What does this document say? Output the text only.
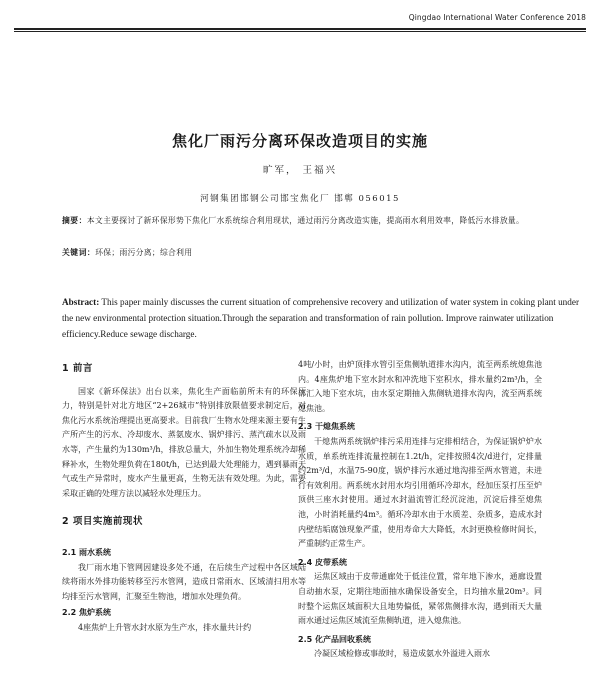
Qingdao International Water Conference 2018
焦化厂雨污分离环保改造项目的实施
旷军， 王福兴
河钢集团邯钢公司邯宝焦化厂 邯郸 056015
摘要：本文主要探讨了新环保形势下焦化厂水系统综合利用现状，通过雨污分离改造实施，提高雨水利用效率，降低污水排放量。
关键词：环保；雨污分离；综合利用
Abstract: This paper mainly discusses the current situation of comprehensive recovery and utilization of water system in coking plant under the new environmental protection situation.Through the separation and transformation of rain pollution. Improve rainwater utilization efficiency.Reduce sewage discharge.
1 前言

国家《新环保法》出台以来，焦化生产面临前所未有的环保压力，特别是针对北方地区“2+26城市”特别排放限值要求制定后，对焦化污水系统治理提出更高要求。目前我厂生物水处理来源主要有生产所产生的污水、冷却废水、蒸氨废水、锅炉排污、蒸汽疏水以及雨水等，产生量约为130m³/h，排放总量大，外加生物处理系统冷却稀释补水，生物处理负荷在180t/h，已达到最大处理能力，遇到暴雨天气或生产异常时，废水产生量更高，生物无法有效处理。为此，需要采取正确的处理方法以减轻水处理压力。

2 项目实施前现状
2.1 雨水系统

我厂雨水地下管网因建设多处不通，在后续生产过程中各区域陆续将雨水外排功能转移至污水管网，造成日常雨水、区域清扫用水等均排至污水管网，汇聚至生物池，增加水处理负荷。

2.2 焦炉系统

4座焦炉上升管水封水原为生产水，排水量共计约

4吨/小时，由炉顶排水管引至焦侧轨道排水沟内，流至两系统熄焦池内。4座焦炉地下室水封水和冲洗地下室积水，排水量约2m³/h，全部汇入地下室水坑，由水泵定期抽入焦侧轨道排水沟内，流至两系统熄焦池。

2.3 干熄焦系统

干熄焦两系统锅炉排污采用连排与定排相结合，为保证锅炉炉水水质，单系统连排流量控制在1.2t/h，定排按照4次/d进行，定排量约2m³/d，水温75-90度，锅炉排污水通过地沟排至两水管道，未进行有效利用。两系统水封用水均引用循环冷却水，经加压泵打压至炉顶供三座水封使用。通过水封溢流管汇经沉淀池，沉淀后排至熄焦池，小时消耗量约4m³。循环冷却水由于水质差、杂质多，造成水封内壁结垢腐蚀现象严重，使用寿命大大降低，水封更换检修时间长，严重制约正常生产。

2.4 皮带系统

运焦区域由于皮带通廊处于低洼位置，常年地下渗水，通廊设置自动抽水泵，定期往地面抽水确保设备安全，日均抽水量20m³。同时整个运焦区域面积大且地势偏低，紧邻焦侧排水沟，遇到雨天大量雨水通过运焦区域流至焦侧轨道，进入熄焦池。

2.5 化产品回收系统

冷凝区域检修或事故时，易造成氨水外溢进入雨水
